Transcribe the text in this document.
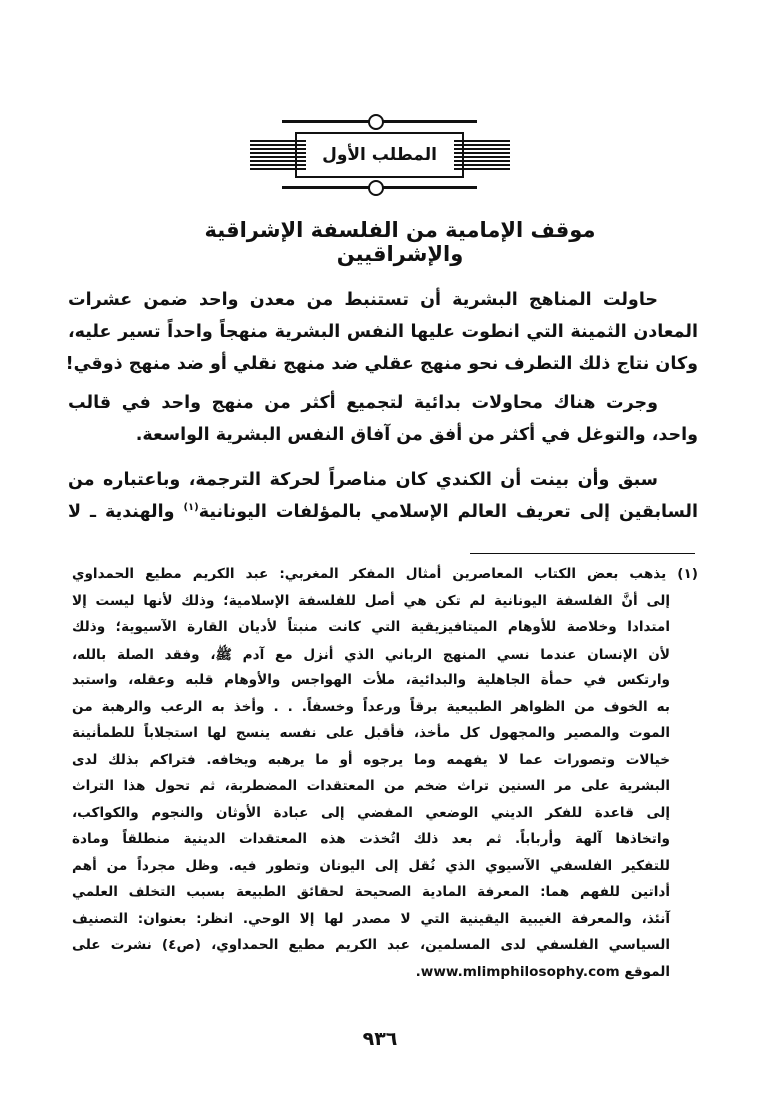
المطلب الأول
موقف الإمامية من الفلسفة الإشراقية والإشراقيين
حاولت المناهج البشرية أن تستنبط من معدن واحد ضمن عشرات
المعادن الثمينة التي انطوت عليها النفس البشرية منهجاً واحداً تسير عليه،
وكان نتاج ذلك التطرف نحو منهج عقلي ضد منهج نقلي أو ضد منهج ذوقي!
وجرت هناك محاولات بدائية لتجميع أكثر من منهج واحد في قالب
واحد، والتوغل في أكثر من أفق من آفاق النفس البشرية الواسعة.
سبق وأن بينت أن الكندي كان مناصراً لحركة الترجمة، وباعتباره من
السابقين إلى تعريف العالم الإسلامي بالمؤلفات اليونانية$^{(١)}$ والهندية ـ لا
(١) يذهب بعض الكتاب المعاصرين أمثال المفكر المغربي: عبد الكريم مطيع الحمداوي
إلى أنَّ الفلسفة اليونانية لم تكن هي أصل للفلسفة الإسلامية؛ وذلك لأنها ليست إلا
امتدادا وخلاصة للأوهام الميتافيزيقية التي كانت منبتاً لأديان القارة الآسيوية؛ وذلك
لأن الإنسان عندما نسي المنهج الرباني الذي أنزل مع آدم ﷺ، وفقد الصلة بالله،
وارتكس في حمأة الجاهلية والبدائية، ملأت الهواجس والأوهام قلبه وعقله، واستبد
به الخوف من الظواهر الطبيعية برقاً ورعداً وخسفاً. . . وأخذ به الرعب والرهبة من
الموت والمصير والمجهول كل مأخذ، فأقبل على نفسه ينسج لها استجلاباً للطمأنينة
خيالات وتصورات عما لا يفهمه وما يرجوه أو ما يرهبه ويخافه. فتراكم بذلك لدى
البشرية على مر السنين تراث ضخم من المعتقدات المضطربة، ثم تحول هذا التراث
إلى قاعدة للفكر الديني الوضعي المفضي إلى عبادة الأوثان والنجوم والكواكب،
واتخاذها آلهة وأرباباً. ثم بعد ذلك اتُخذت هذه المعتقدات الدينية منطلقاً ومادة
للتفكير الفلسفي الآسيوي الذي نُقل إلى اليونان وتطور فيه. وظل مجرداً من أهم
أداتين للفهم هما: المعرفة المادية الصحيحة لحقائق الطبيعة بسبب التخلف العلمي
آنئذ، والمعرفة الغيبية اليقينية التي لا مصدر لها إلا الوحي. انظر: بعنوان: التصنيف
السياسي الفلسفي لدى المسلمين، عبد الكريم مطيع الحمداوي، (ص٤) نشرت على
الموقع www.mlimphilosophy.com.
٩٣٦
